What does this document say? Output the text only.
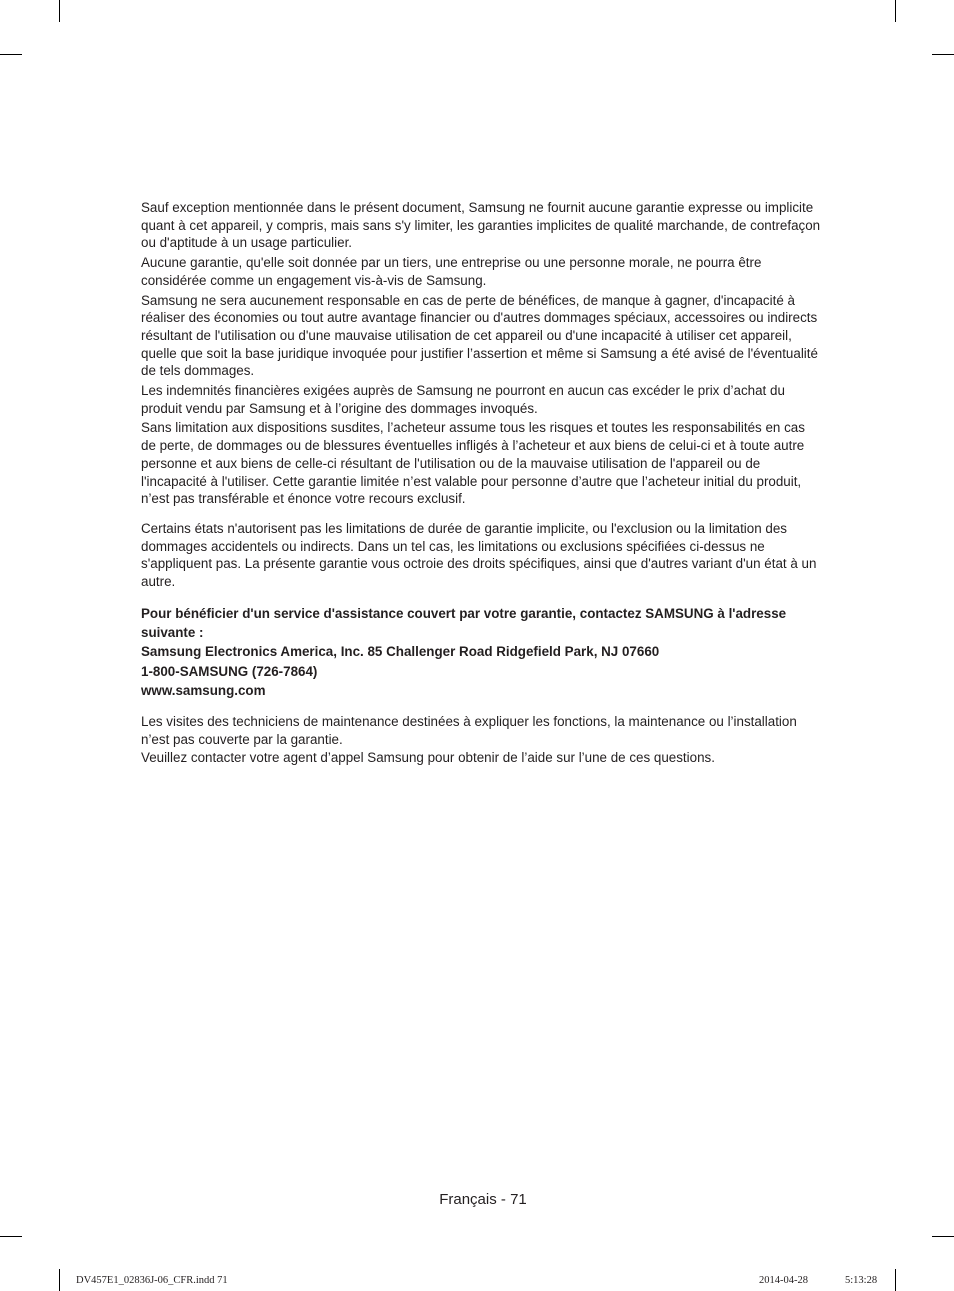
Sauf exception mentionnée dans le présent document, Samsung ne fournit aucune garantie expresse ou implicite quant à cet appareil, y compris, mais sans s'y limiter, les garanties implicites de qualité marchande, de contrefaçon ou d'aptitude à un usage particulier.

Aucune garantie, qu'elle soit donnée par un tiers, une entreprise ou une personne morale, ne pourra être considérée comme un engagement vis-à-vis de Samsung.

Samsung ne sera aucunement responsable en cas de perte de bénéfices, de manque à gagner, d'incapacité à réaliser des économies ou tout autre avantage financier ou d'autres dommages spéciaux, accessoires ou indirects résultant de l'utilisation ou d'une mauvaise utilisation de cet appareil ou d'une incapacité à utiliser cet appareil, quelle que soit la base juridique invoquée pour justifier l’assertion et même si Samsung a été avisé de l'éventualité de tels dommages.

Les indemnités financières exigées auprès de Samsung ne pourront en aucun cas excéder le prix d’achat du produit vendu par Samsung et à l’origine des dommages invoqués.

Sans limitation aux dispositions susdites, l’acheteur assume tous les risques et toutes les responsabilités en cas de perte, de dommages ou de blessures éventuelles infligés à l’acheteur et aux biens de celui-ci et à toute autre personne et aux biens de celle-ci résultant de l'utilisation ou de la mauvaise utilisation de l'appareil ou de l'incapacité à l'utiliser. Cette garantie limitée n’est valable pour personne d’autre que l’acheteur initial du produit, n’est pas transférable et énonce votre recours exclusif.

Certains états n'autorisent pas les limitations de durée de garantie implicite, ou l'exclusion ou la limitation des dommages accidentels ou indirects. Dans un tel cas, les limitations ou exclusions spécifiées ci-dessus ne s'appliquent pas. La présente garantie vous octroie des droits spécifiques, ainsi que d'autres variant d'un état à un autre.

Pour bénéficier d'un service d'assistance couvert par votre garantie, contactez SAMSUNG à l'adresse suivante :
Samsung Electronics America, Inc. 85 Challenger Road Ridgefield Park, NJ 07660
1-800-SAMSUNG (726-7864)
www.samsung.com

Les visites des techniciens de maintenance destinées à expliquer les fonctions, la maintenance ou l’installation n’est pas couverte par la garantie.

Veuillez contacter votre agent d’appel Samsung pour obtenir de l’aide sur l’une de ces questions.

Français - 71
DV457E1_02836J-06_CFR.indd 71	2014-04-28	5:13:28
